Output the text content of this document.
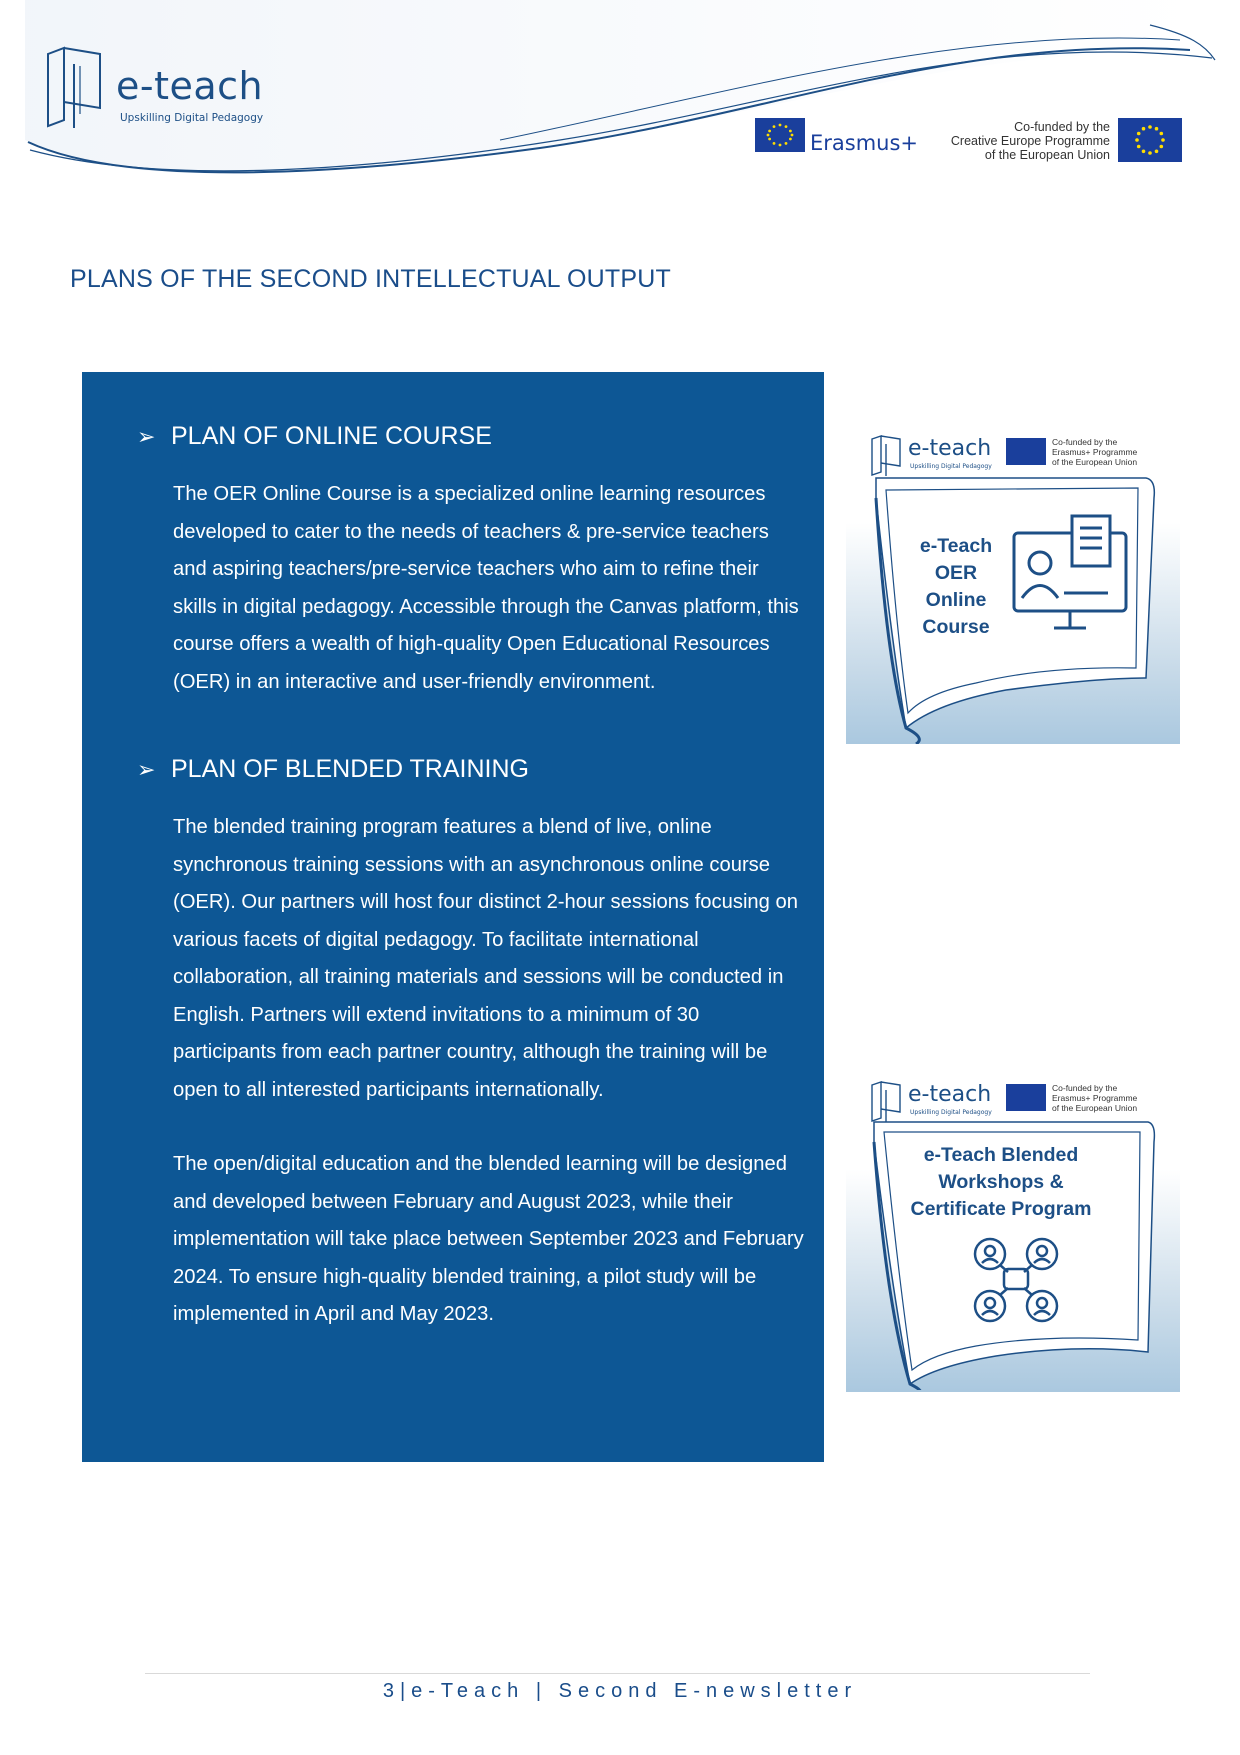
e-teach
Upskilling Digital Pedagogy
Erasmus+
Co-funded by the
Creative Europe Programme
of the European Union
PLANS OF THE SECOND INTELLECTUAL OUTPUT
➢ PLAN OF ONLINE COURSE

The OER Online Course is a specialized online learning resources developed to cater to the needs of teachers & pre-service teachers and aspiring teachers/pre-service teachers who aim to refine their skills in digital pedagogy. Accessible through the Canvas platform, this course offers a wealth of high-quality Open Educational Resources (OER) in an interactive and user-friendly environment.

➢ PLAN OF BLENDED TRAINING

The blended training program features a blend of live, online synchronous training sessions with an asynchronous online course (OER). Our partners will host four distinct 2-hour sessions focusing on various facets of digital pedagogy. To facilitate international collaboration, all training materials and sessions will be conducted in English. Partners will extend invitations to a minimum of 30 participants from each partner country, although the training will be open to all interested participants internationally.

The open/digital education and the blended learning will be designed and developed between February and August 2023, while their implementation will take place between September 2023 and February 2024. To ensure high-quality blended training, a pilot study will be implemented in April and May 2023.

e-teach
Upskilling Digital Pedagogy
Co-funded by the
Erasmus+ Programme
of the European Union
e-Teach
OER
Online
Course
e-teach
Upskilling Digital Pedagogy
Co-funded by the
Erasmus+ Programme
of the European Union
e-Teach Blended
Workshops &
Certificate Program
3|e-Teach | Second E-newsletter
